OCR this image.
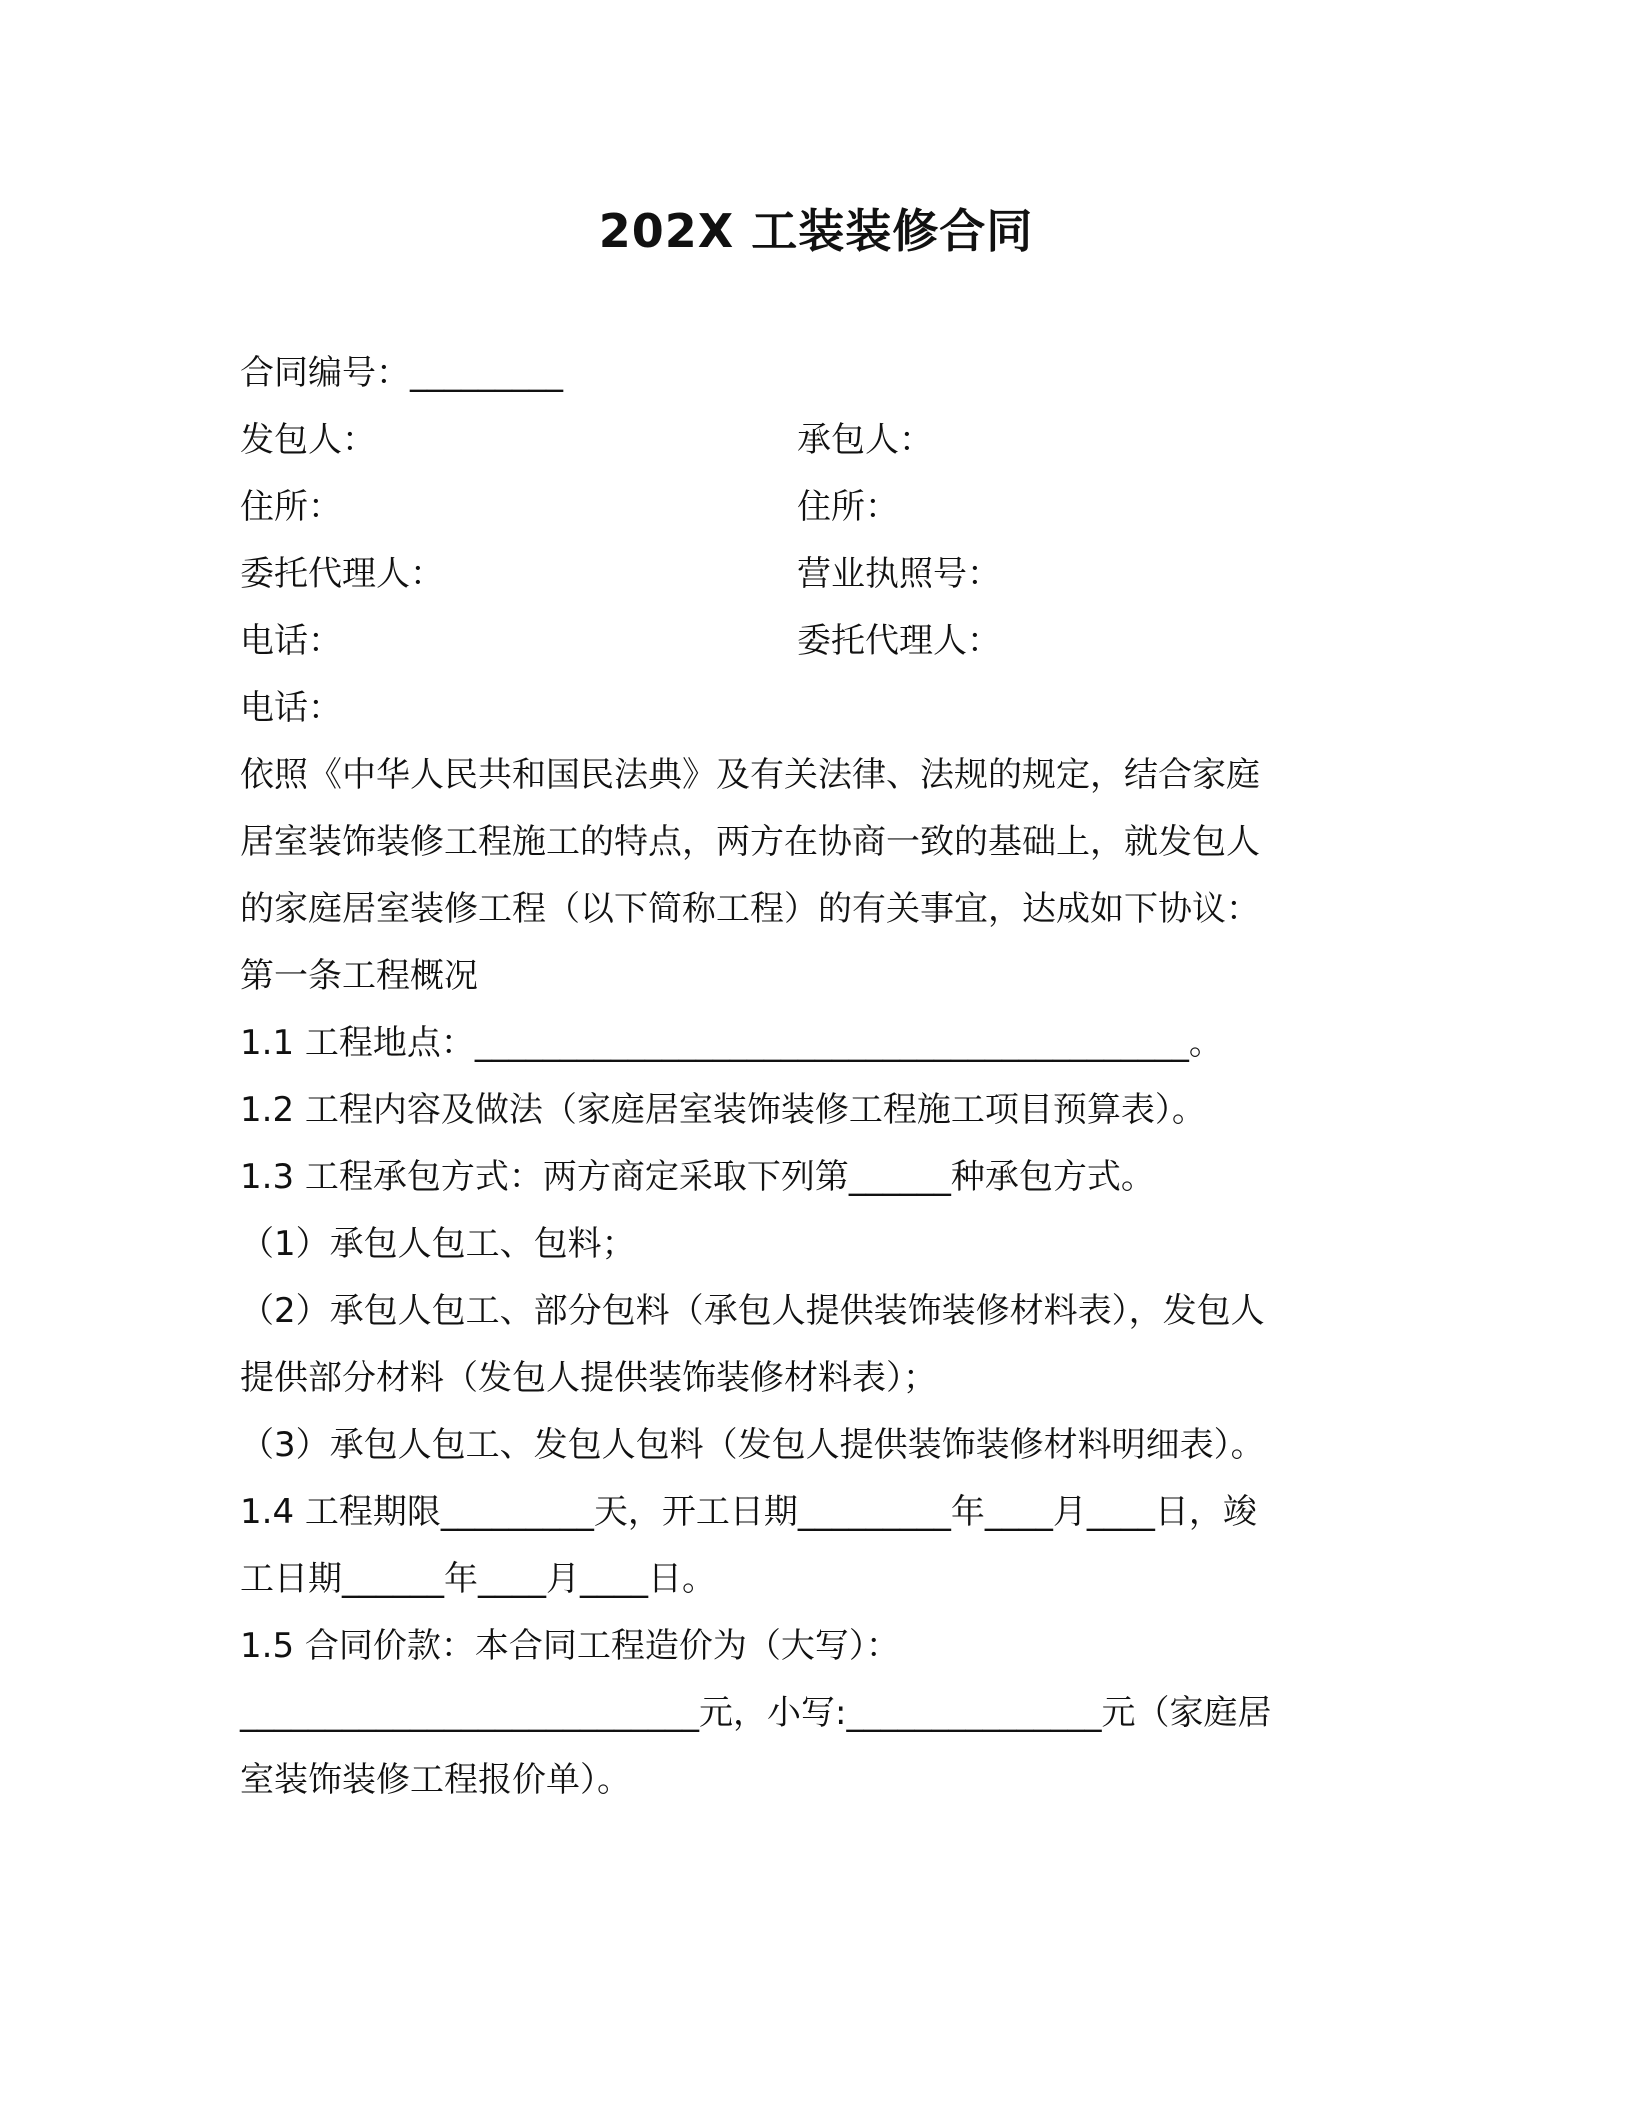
202X 工装装修合同
合同编号：_________
发包人：	承包人：
住所：	住所：
委托代理人：	营业执照号：
电话：	委托代理人：
电话：
依照《中华人民共和国民法典》及有关法律、法规的规定，结合家庭
居室装饰装修工程施工的特点，两方在协商一致的基础上，就发包人
的家庭居室装修工程（以下简称工程）的有关事宜，达成如下协议：
第一条工程概况
1.1 工程地点：__________________________________________。
1.2 工程内容及做法（家庭居室装饰装修工程施工项目预算表）。
1.3 工程承包方式：两方商定采取下列第______种承包方式。
（1）承包人包工、包料；
（2）承包人包工、部分包料（承包人提供装饰装修材料表），发包人
提供部分材料（发包人提供装饰装修材料表）；
（3）承包人包工、发包人包料（发包人提供装饰装修材料明细表）。
1.4 工程期限_________天，开工日期_________年____月____日，竣
工日期______年____月____日。
1.5 合同价款：本合同工程造价为（大写）：
___________________________元，小写:_______________元（家庭居
室装饰装修工程报价单）。
